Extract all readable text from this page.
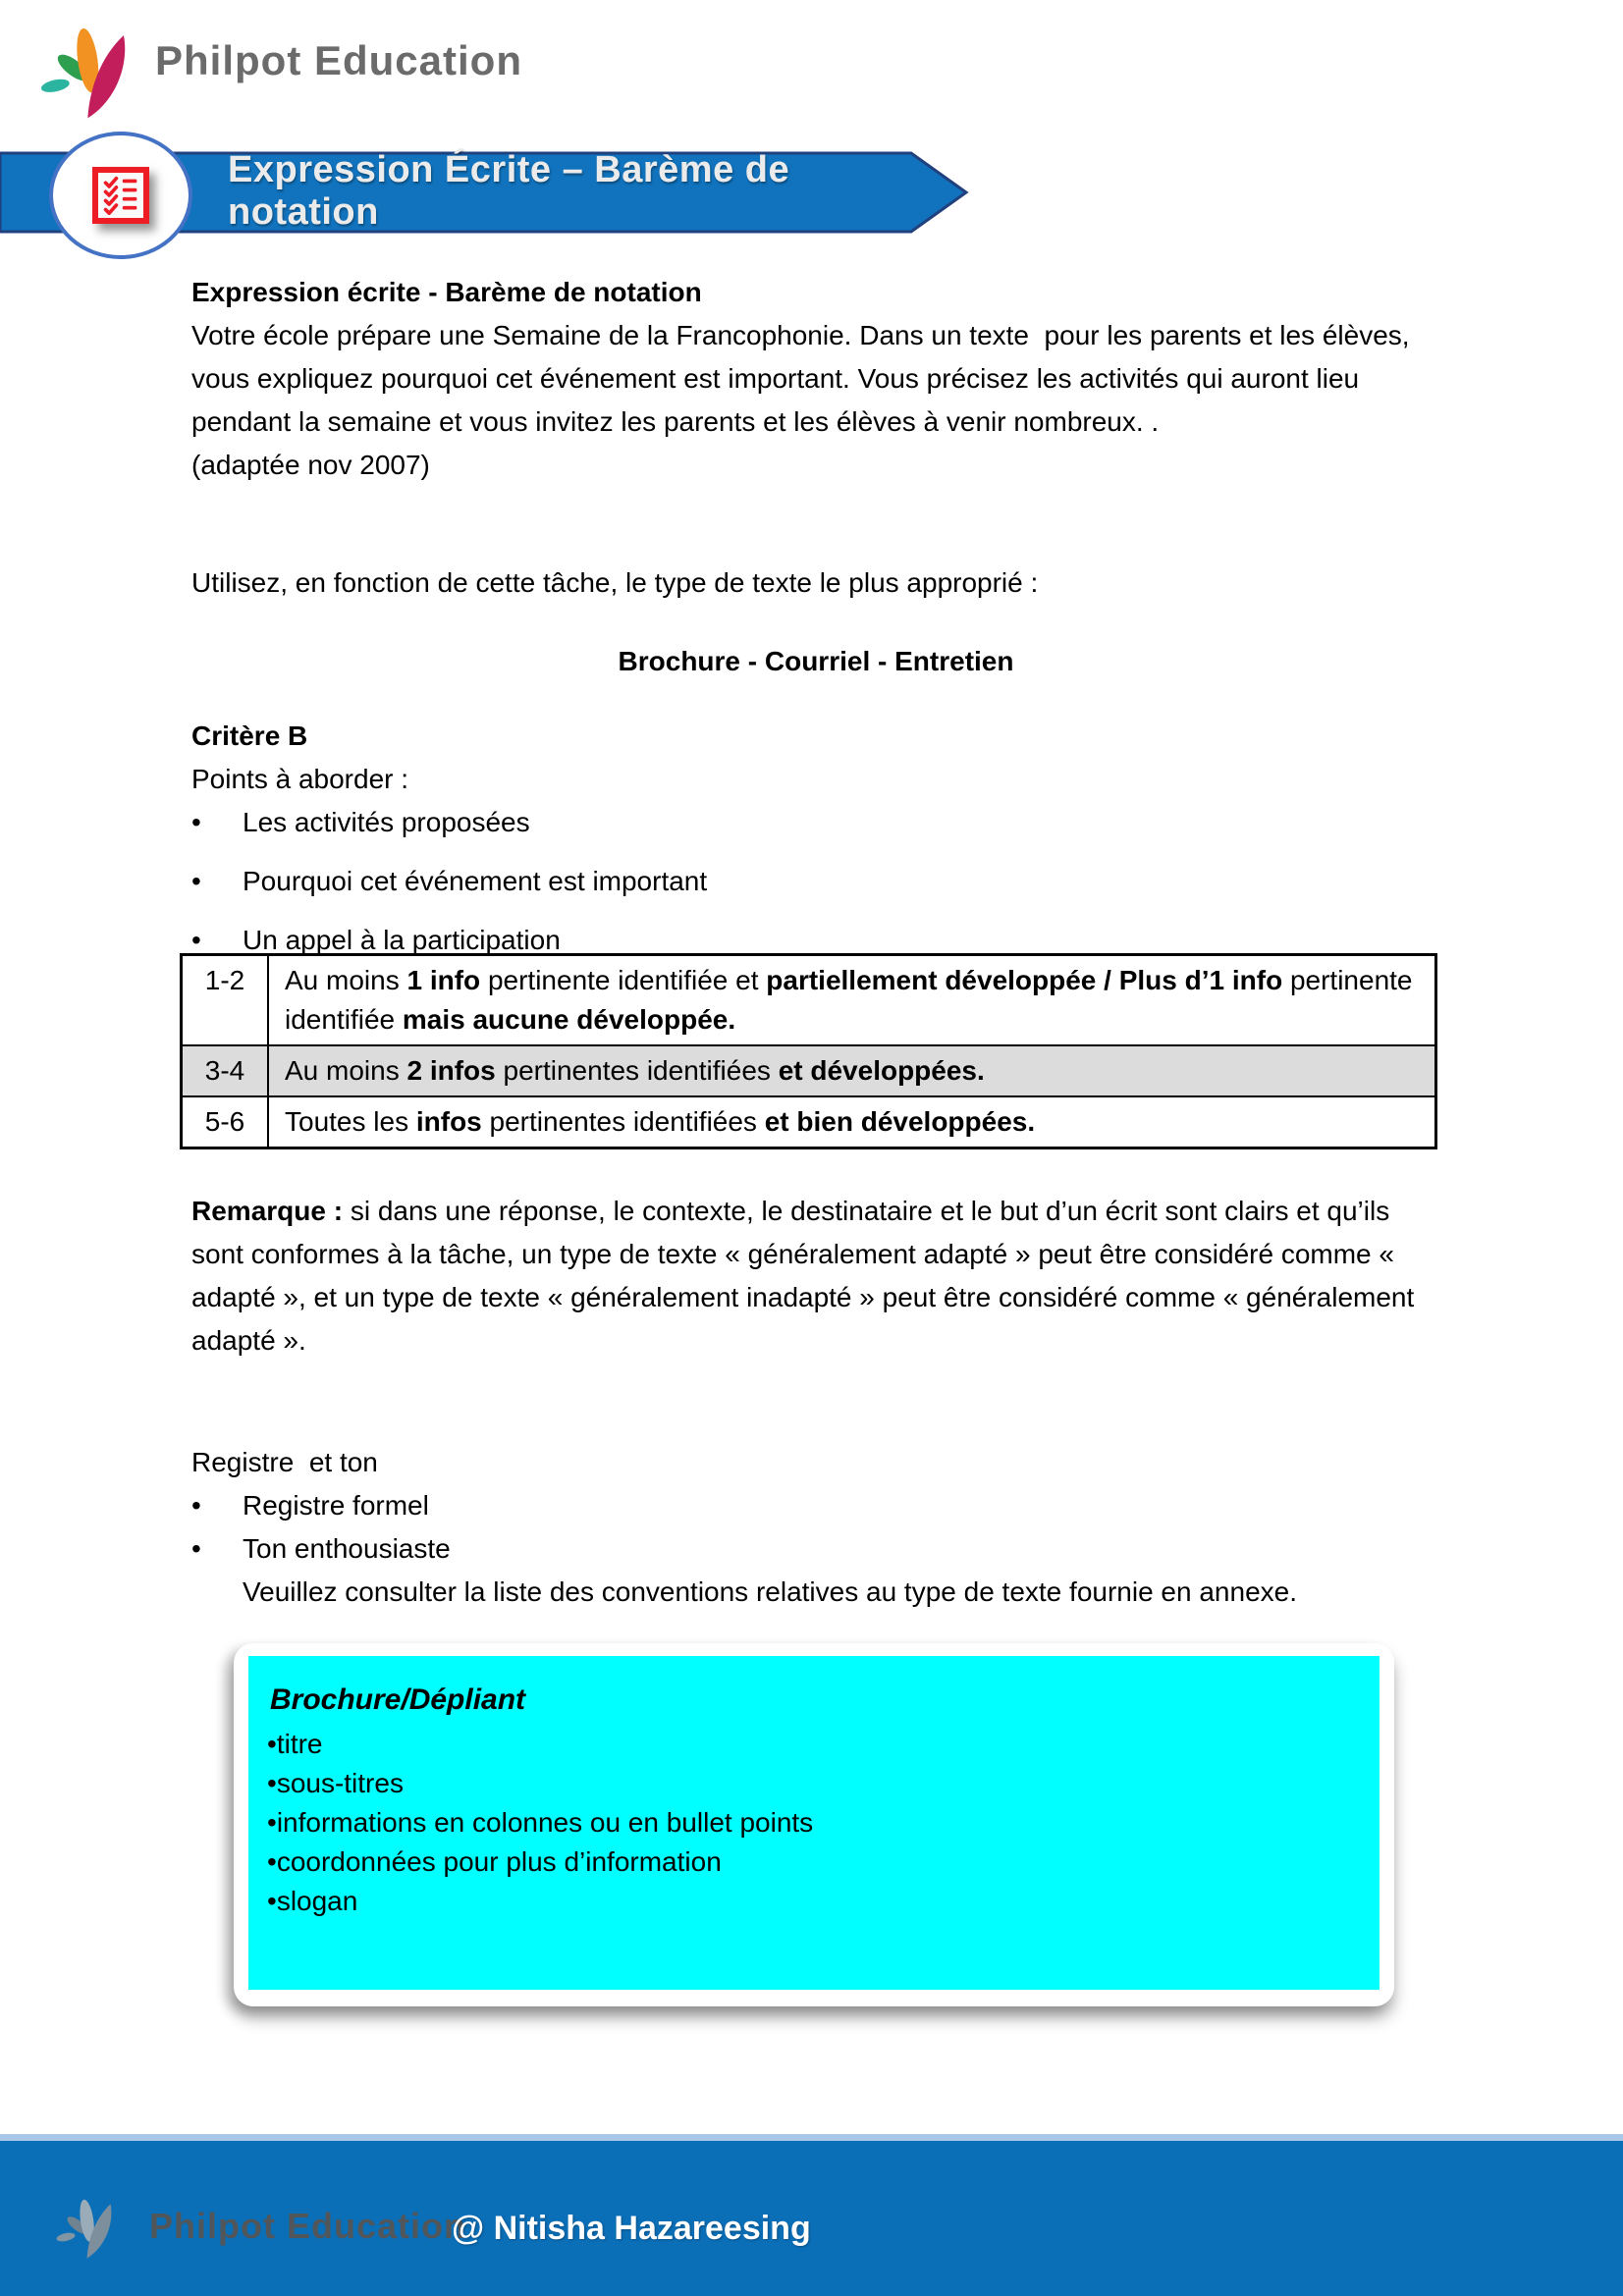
Philpot Education
Expression Écrite – Barème de notation
Expression écrite - Barème de notation
Votre école prépare une Semaine de la Francophonie. Dans un texte  pour les parents et les élèves, vous expliquez pourquoi cet événement est important. Vous précisez les activités qui auront lieu pendant la semaine et vous invitez les parents et les élèves à venir nombreux. .
(adaptée nov 2007)
Utilisez, en fonction de cette tâche, le type de texte le plus approprié :
Brochure - Courriel - Entretien
Critère B
Points à aborder :
•	Les activités proposées
•	Pourquoi cet événement est important
•	Un appel à la participation
1-2	Au moins 1 info pertinente identifiée et partiellement développée / Plus d’1 info pertinente identifiée mais aucune développée.
3-4	Au moins 2 infos pertinentes identifiées et développées.
5-6	Toutes les infos pertinentes identifiées et bien développées.
Remarque : si dans une réponse, le contexte, le destinataire et le but d’un écrit sont clairs et qu’ils sont conformes à la tâche, un type de texte « généralement adapté » peut être considéré comme « adapté », et un type de texte « généralement inadapté » peut être considéré comme « généralement adapté ».
Registre  et ton
•	Registre formel
•	Ton enthousiaste
Veuillez consulter la liste des conventions relatives au type de texte fournie en annexe.
Brochure/Dépliant
•titre
•sous-titres
•informations en colonnes ou en bullet points
•coordonnées pour plus d’information
•slogan
Philpot Education
@ Nitisha Hazareesing
